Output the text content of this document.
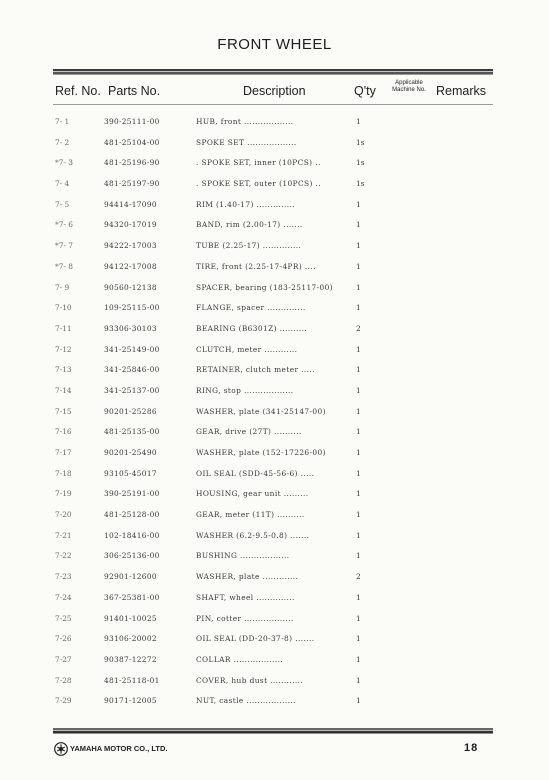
FRONT WHEEL
Ref. No. Parts No.	Description	Q'ty
Applicable Machine No. Remarks
7- 1	390-25111-00	HUB, front ..................	1
7- 2	481-25104-00	SPOKE SET ..................	1s
*7- 3	481-25196-90	. SPOKE SET, inner (10PCS) ..	1s
7- 4	481-25197-90	. SPOKE SET, outer (10PCS) ..	1s
7- 5	94414-17090	RIM (1.40-17) ..............	1
*7- 6	94320-17019	BAND, rim (2.00-17) .......	1
*7- 7	94222-17003	TUBE (2.25-17) ..............	1
*7- 8	94122-17008	TIRE, front (2.25-17-4PR) ....	1
7- 9	90560-12138	SPACER, bearing (183-25117-00)	1
7-10	109-25115-00	FLANGE, spacer ..............	1
7-11	93306-30103	BEARING (B6301Z) ..........	2
7-12	341-25149-00	CLUTCH, meter ............	1
7-13	341-25846-00	RETAINER, clutch meter .....	1
7-14	341-25137-00	RING, stop ..................	1
7-15	90201-25286	WASHER, plate (341-25147-00)	1
7-16	481-25135-00	GEAR, drive (27T) ..........	1
7-17	90201-25490	WASHER, plate (152-17226-00)	1
7-18	93105-45017	OIL SEAL (SDD-45-56-6) .....	1
7-19	390-25191-00	HOUSING, gear unit .........	1
7-20	481-25128-00	GEAR, meter (11T) ..........	1
7-21	102-18416-00	WASHER (6.2-9.5-0.8) .......	1
7-22	306-25136-00	BUSHING ..................	1
7-23	92901-12600	WASHER, plate .............	2
7-24	367-25381-00	SHAFT, wheel ..............	1
7-25	91401-10025	PIN, cotter ..................	1
7-26	93106-20002	OIL SEAL (DD-20-37-8) .......	1
7-27	90387-12272	COLLAR ..................	1
7-28	481-25118-01	COVER, hub dust ............	1
7-29	90171-12005	NUT, castle ..................	1
YAMAHA MOTOR CO., LTD.	18
